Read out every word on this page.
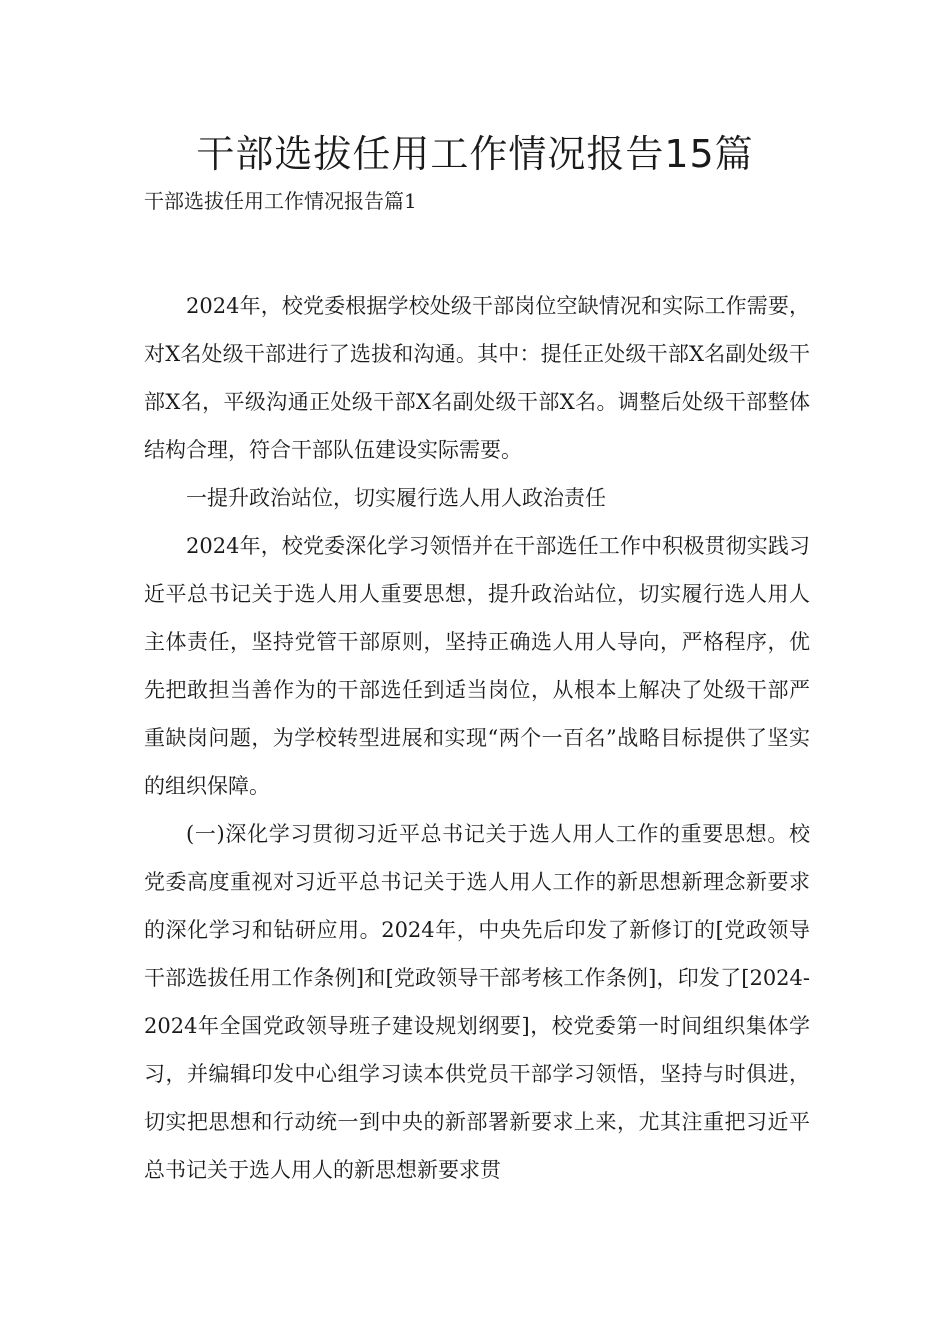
干部选拔任用工作情况报告15篇
干部选拔任用工作情况报告篇1

2024年，校党委根据学校处级干部岗位空缺情况和实际工作需要，对X名处级干部进行了选拔和沟通。其中：提任正处级干部X名副处级干部X名，平级沟通正处级干部X名副处级干部X名。调整后处级干部整体结构合理，符合干部队伍建设实际需要。

一提升政治站位，切实履行选人用人政治责任

2024年，校党委深化学习领悟并在干部选任工作中积极贯彻实践习近平总书记关于选人用人重要思想，提升政治站位，切实履行选人用人主体责任，坚持党管干部原则，坚持正确选人用人导向，严格程序，优先把敢担当善作为的干部选任到适当岗位，从根本上解决了处级干部严重缺岗问题，为学校转型进展和实现“两个一百名”战略目标提供了坚实的组织保障。

(一)深化学习贯彻习近平总书记关于选人用人工作的重要思想。校党委高度重视对习近平总书记关于选人用人工作的新思想新理念新要求的深化学习和钻研应用。2024年，中央先后印发了新修订的[党政领导干部选拔任用工作条例]和[党政领导干部考核工作条例]，印发了[2024-2024年全国党政领导班子建设规划纲要]，校党委第一时间组织集体学习，并编辑印发中心组学习读本供党员干部学习领悟，坚持与时俱进，切实把思想和行动统一到中央的新部署新要求上来，尤其注重把习近平总书记关于选人用人的新思想新要求贯
